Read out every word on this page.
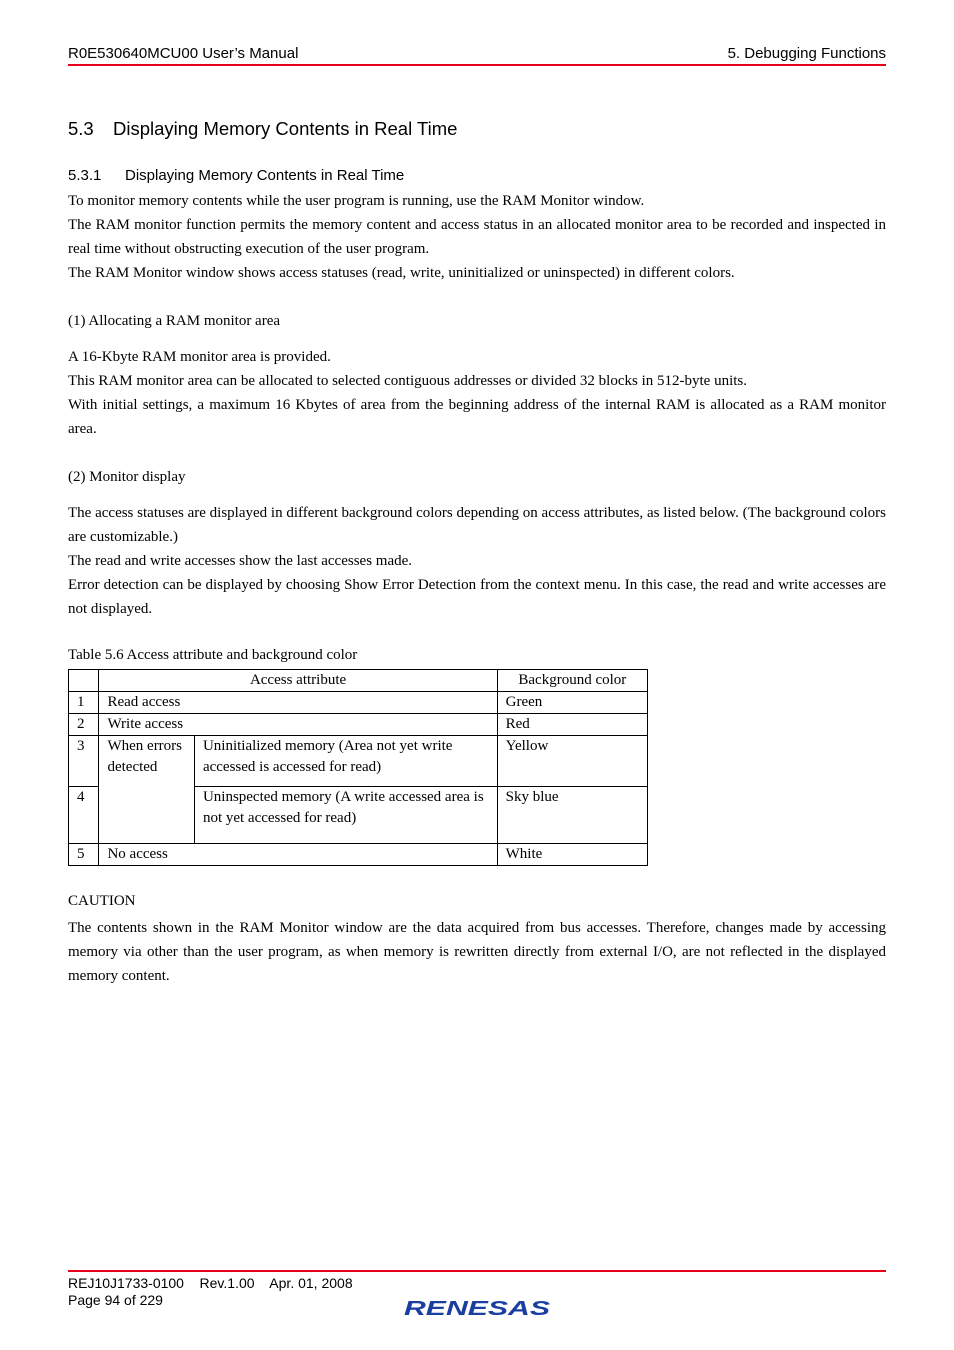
R0E530640MCU00 User’s Manual	5. Debugging Functions
5.3 Displaying Memory Contents in Real Time
5.3.1 Displaying Memory Contents in Real Time

To monitor memory contents while the user program is running, use the RAM Monitor window.

The RAM monitor function permits the memory content and access status in an allocated monitor area to be recorded and inspected in real time without obstructing execution of the user program.

The RAM Monitor window shows access statuses (read, write, uninitialized or uninspected) in different colors.

(1) Allocating a RAM monitor area

A 16-Kbyte RAM monitor area is provided.

This RAM monitor area can be allocated to selected contiguous addresses or divided 32 blocks in 512-byte units.

With initial settings, a maximum 16 Kbytes of area from the beginning address of the internal RAM is allocated as a RAM monitor area.

(2) Monitor display

The access statuses are displayed in different background colors depending on access attributes, as listed below. (The background colors are customizable.)

The read and write accesses show the last accesses made.

Error detection can be displayed by choosing Show Error Detection from the context menu. In this case, the read and write accesses are not displayed.

Table 5.6 Access attribute and background color
	Access attribute		Background color
1	Read access		Green
2	Write access		Red
3	When errors detected	Uninitialized memory (Area not yet write accessed is accessed for read)	Yellow
4		Uninspected memory (A write accessed area is not yet accessed for read)	Sky blue
5	No access		White
CAUTION
The contents shown in the RAM Monitor window are the data acquired from bus accesses. Therefore, changes made by accessing memory via other than the user program, as when memory is rewritten directly from external I/O, are not reflected in the displayed memory content.
REJ10J1733-0100    Rev.1.00    Apr. 01, 2008
Page 94 of 229	RENESAS
